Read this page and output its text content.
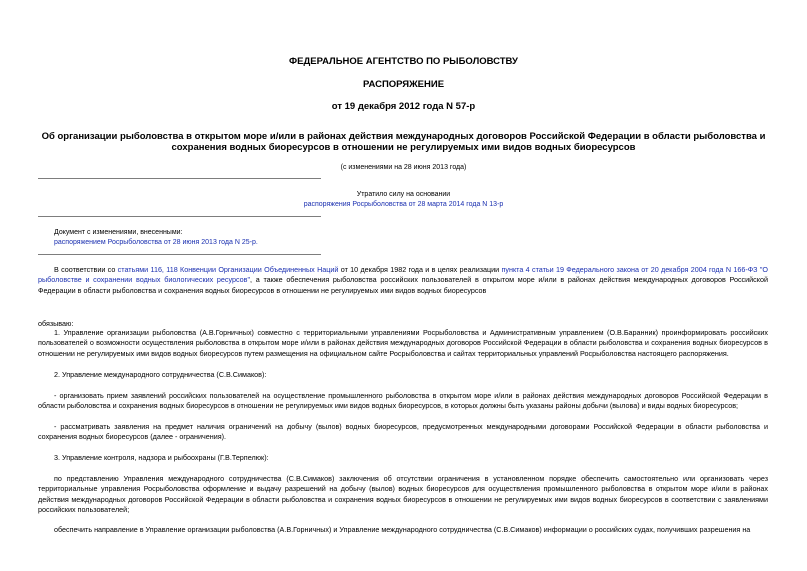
ФЕДЕРАЛЬНОЕ АГЕНТСТВО ПО РЫБОЛОВСТВУ
РАСПОРЯЖЕНИЕ
от 19 декабря 2012 года N 57-р
Об организации рыболовства в открытом море и/или в районах действия международных договоров Российской Федерации в области рыболовства и
сохранения водных биоресурсов в отношении не регулируемых ими видов водных биоресурсов
(с изменениями на 28 июня 2013 года)
Утратило силу на основании
распоряжения Росрыболовства от 28 марта 2014 года N 13-р
Документ с изменениями, внесенными:
распоряжением Росрыболовства от 28 июня 2013 года N 25-р.
В соответствии со статьями 116, 118 Конвенции Организации Объединенных Наций от 10 декабря 1982 года и в целях реализации пункта 4 статьи 19 Федерального закона от 20 декабря 2004 года N 166-ФЗ "О рыболовстве и сохранении водных биологических ресурсов", а также обеспечения рыболовства российских пользователей в открытом море и/или в районах действия международных договоров Российской Федерации в области рыболовства и сохранения водных биоресурсов в отношении не регулируемых ими видов водных биоресурсов
обязываю:
1. Управление организации рыболовства (А.В.Горничных) совместно с территориальными управлениями Росрыболовства и Административным управлением (О.В.Баранник) проинформировать российских пользователей о возможности осуществления рыболовства в открытом море и/или в районах действия международных договоров Российской Федерации в области рыболовства и сохранения водных биоресурсов в отношении не регулируемых ими видов водных биоресурсов путем размещения на официальном сайте Росрыболовства и сайтах территориальных управлений Росрыболовства настоящего распоряжения.
2. Управление международного сотрудничества (С.В.Симаков):
- организовать прием заявлений российских пользователей на осуществление промышленного рыболовства в открытом море и/или в районах действия международных договоров Российской Федерации в области рыболовства и сохранения водных биоресурсов в отношении не регулируемых ими видов водных биоресурсов, в которых должны быть указаны районы добычи (вылова) и виды водных биоресурсов;
- рассматривать заявления на предмет наличия ограничений на добычу (вылов) водных биоресурсов, предусмотренных международными договорами Российской Федерации в области рыболовства и сохранения водных биоресурсов (далее - ограничения).
3. Управление контроля, надзора и рыбоохраны (Г.В.Терпелюк):
по представлению Управления международного сотрудничества (С.В.Симаков) заключения об отсутствии ограничения в установленном порядке обеспечить самостоятельно или организовать через территориальные управления Росрыболовства оформление и выдачу разрешений на добычу (вылов) водных биоресурсов для осуществления промышленного рыболовства в открытом море и/или в районах действия международных договоров Российской Федерации в области рыболовства и сохранения водных биоресурсов в отношении не регулируемых ими видов водных биоресурсов в соответствии с заявлениями российских пользователей;
обеспечить направление в Управление организации рыболовства (А.В.Горничных) и Управление международного сотрудничества (С.В.Симаков) информации о российских судах, получивших разрешения на
